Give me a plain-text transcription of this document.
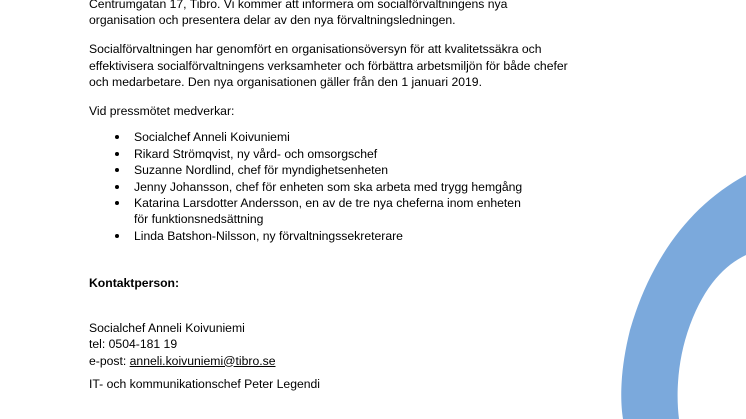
Centrumgatan 17, Tibro. Vi kommer att informera om socialförvaltningens nya
organisation och presentera delar av den nya förvaltningsledningen.

Socialförvaltningen har genomfört en organisationsöversyn för att kvalitetssäkra och
effektivisera socialförvaltningens verksamheter och förbättra arbetsmiljön för både chefer
och medarbetare. Den nya organisationen gäller från den 1 januari 2019.

Vid pressmötet medverkar:

Socialchef Anneli Koivuniemi
Rikard Strömqvist, ny vård- och omsorgschef
Suzanne Nordlind, chef för myndighetsenheten
Jenny Johansson, chef för enheten som ska arbeta med trygg hemgång
Katarina Larsdotter Andersson, en av de tre nya cheferna inom enheten
för funktionsnedsättning
Linda Batshon-Nilsson, ny förvaltningssekreterare

Kontaktperson:

Socialchef Anneli Koivuniemi
tel: 0504-181 19
e-post: anneli.koivuniemi@tibro.se

IT- och kommunikationschef Peter Legendi
